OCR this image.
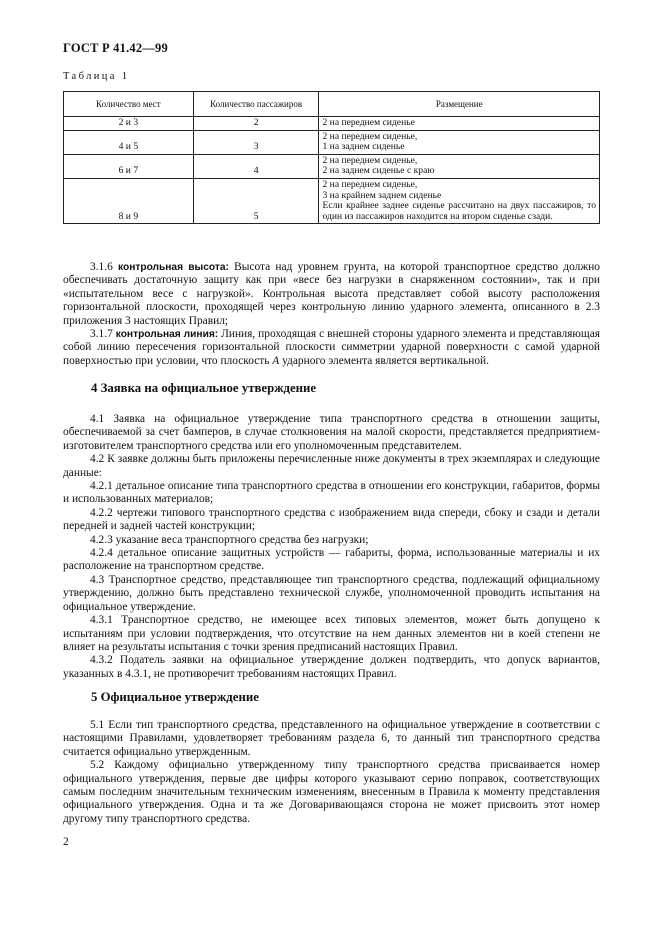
ГОСТ Р 41.42—99
Таблица 1
Количество мест	Количество пассажиров	Размещение
2 и 3	2	2 на переднем сиденье

4 и 5	3	2 на переднем сиденье,
1 на заднем сиденье

6 и 7	4	2 на переднем сиденье,
2 на заднем сиденье с краю

8 и 9	5	2 на переднем сиденье,
3 на крайнем заднем сиденье
Если крайнее заднее сиденье рассчитано на двух пассажиров, то один из пассажиров находится на втором сиденье сзади.

3.1.6 контрольная высота: Высота над уровнем грунта, на которой транспортное средство должно обеспечивать достаточную защиту как при «весе без нагрузки в снаряженном состоянии», так и при «испытательном весе с нагрузкой». Контрольная высота представляет собой высоту расположения горизонтальной плоскости, проходящей через контрольную линию ударного элемента, описанного в 2.3 приложения 3 настоящих Правил;

3.1.7 контрольная линия: Линия, проходящая с внешней стороны ударного элемента и представляющая собой линию пересечения горизонтальной плоскости симметрии ударной поверхности с самой ударной поверхностью при условии, что плоскость А ударного элемента является вертикальной.

4 Заявка на официальное утверждение

4.1 Заявка на официальное утверждение типа транспортного средства в отношении защиты, обеспечиваемой за счет бамперов, в случае столкновения на малой скорости, представляется предприятием-изготовителем транспортного средства или его уполномоченным представителем.

4.2 К заявке должны быть приложены перечисленные ниже документы в трех экземплярах и следующие данные:

4.2.1 детальное описание типа транспортного средства в отношении его конструкции, габаритов, формы и использованных материалов;

4.2.2 чертежи типового транспортного средства с изображением вида спереди, сбоку и сзади и детали передней и задней частей конструкции;

4.2.3 указание веса транспортного средства без нагрузки;

4.2.4 детальное описание защитных устройств — габариты, форма, использованные материалы и их расположение на транспортном средстве.

4.3 Транспортное средство, представляющее тип транспортного средства, подлежащий официальному утверждению, должно быть представлено технической службе, уполномоченной проводить испытания на официальное утверждение.

4.3.1 Транспортное средство, не имеющее всех типовых элементов, может быть допущено к испытаниям при условии подтверждения, что отсутствие на нем данных элементов ни в коей степени не влияет на результаты испытания с точки зрения предписаний настоящих Правил.

4.3.2 Податель заявки на официальное утверждение должен подтвердить, что допуск вариантов, указанных в 4.3.1, не противоречит требованиям настоящих Правил.

5 Официальное утверждение

5.1 Если тип транспортного средства, представленного на официальное утверждение в соответствии с настоящими Правилами, удовлетворяет требованиям раздела 6, то данный тип транспортного средства считается официально утвержденным.

5.2 Каждому официально утвержденному типу транспортного средства присваивается номер официального утверждения, первые две цифры которого указывают серию поправок, соответствующих самым последним значительным техническим изменениям, внесенным в Правила к моменту представления официального утверждения. Одна и та же Договаривающаяся сторона не может присвоить этот номер другому типу транспортного средства.

2
